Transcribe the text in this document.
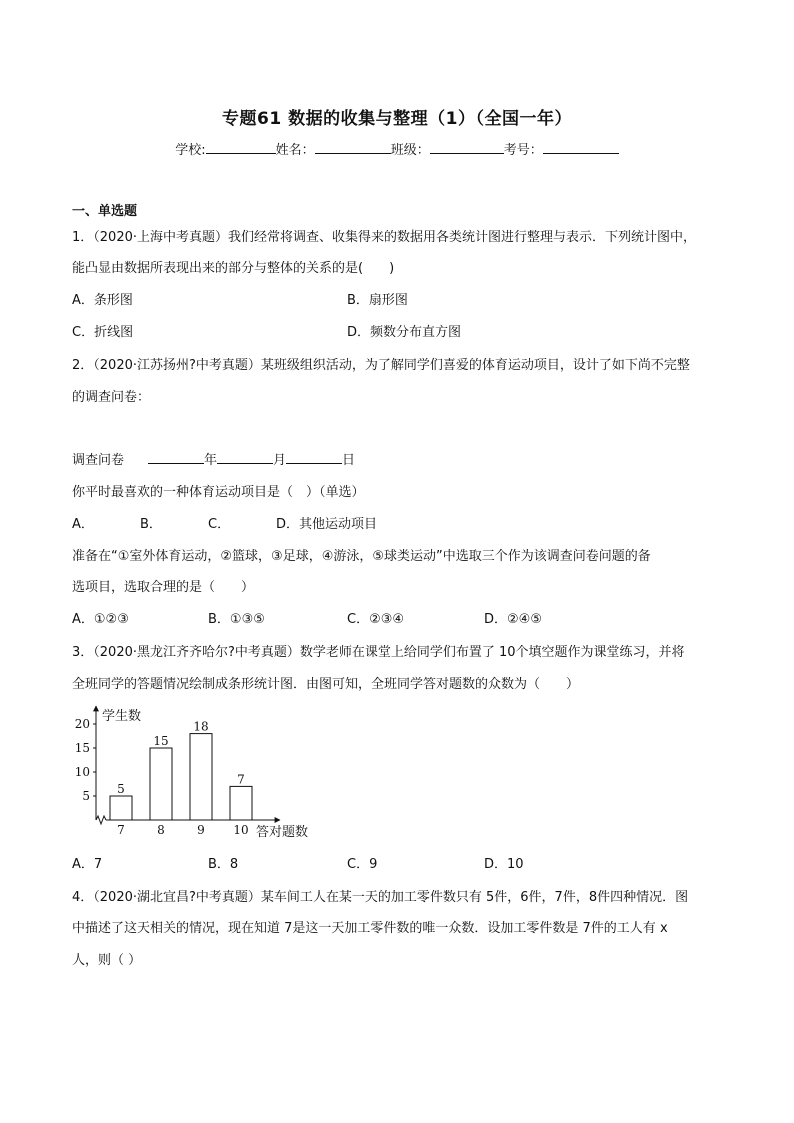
专题61 数据的收集与整理（1）（全国一年）
学校:	姓名：	班级：	考号：
一、单选题
1．（2020·上海中考真题）我们经常将调查、收集得来的数据用各类统计图进行整理与表示．下列统计图中，
能凸显由数据所表现出来的部分与整体的关系的是(　　)
A．条形图	B．扇形图
C．折线图	D．频数分布直方图
2．（2020·江苏扬州?中考真题）某班级组织活动，为了解同学们喜爱的体育运动项目，设计了如下尚不完整
的调查问卷：
调查问卷	年	月	日
你平时最喜欢的一种体育运动项目是（　）（单选）
A．	B．	C．	D．其他运动项目
准备在“①室外体育运动，②篮球，③足球，④游泳，⑤球类运动”中选取三个作为该调查问卷问题的备
选项目，选取合理的是（　　）
A．①②③	B．①③⑤	C．②③④	D．②④⑤
3．（2020·黑龙江齐齐哈尔?中考真题）数学老师在课堂上给同学们布置了 10个填空题作为课堂练习，并将
全班同学的答题情况绘制成条形统计图．由图可知，全班同学答对题数的众数为（　　）
学生数
答对题数
5
10
15
20
5
7
15
8
18
9
7
10
A．7	B．8	C．9	D．10
4．（2020·湖北宜昌?中考真题）某车间工人在某一天的加工零件数只有 5件，6件，7件，8件四种情况．图
中描述了这天相关的情况，现在知道 7是这一天加工零件数的唯一众数．设加工零件数是 7件的工人有 x
人，则（ ）
